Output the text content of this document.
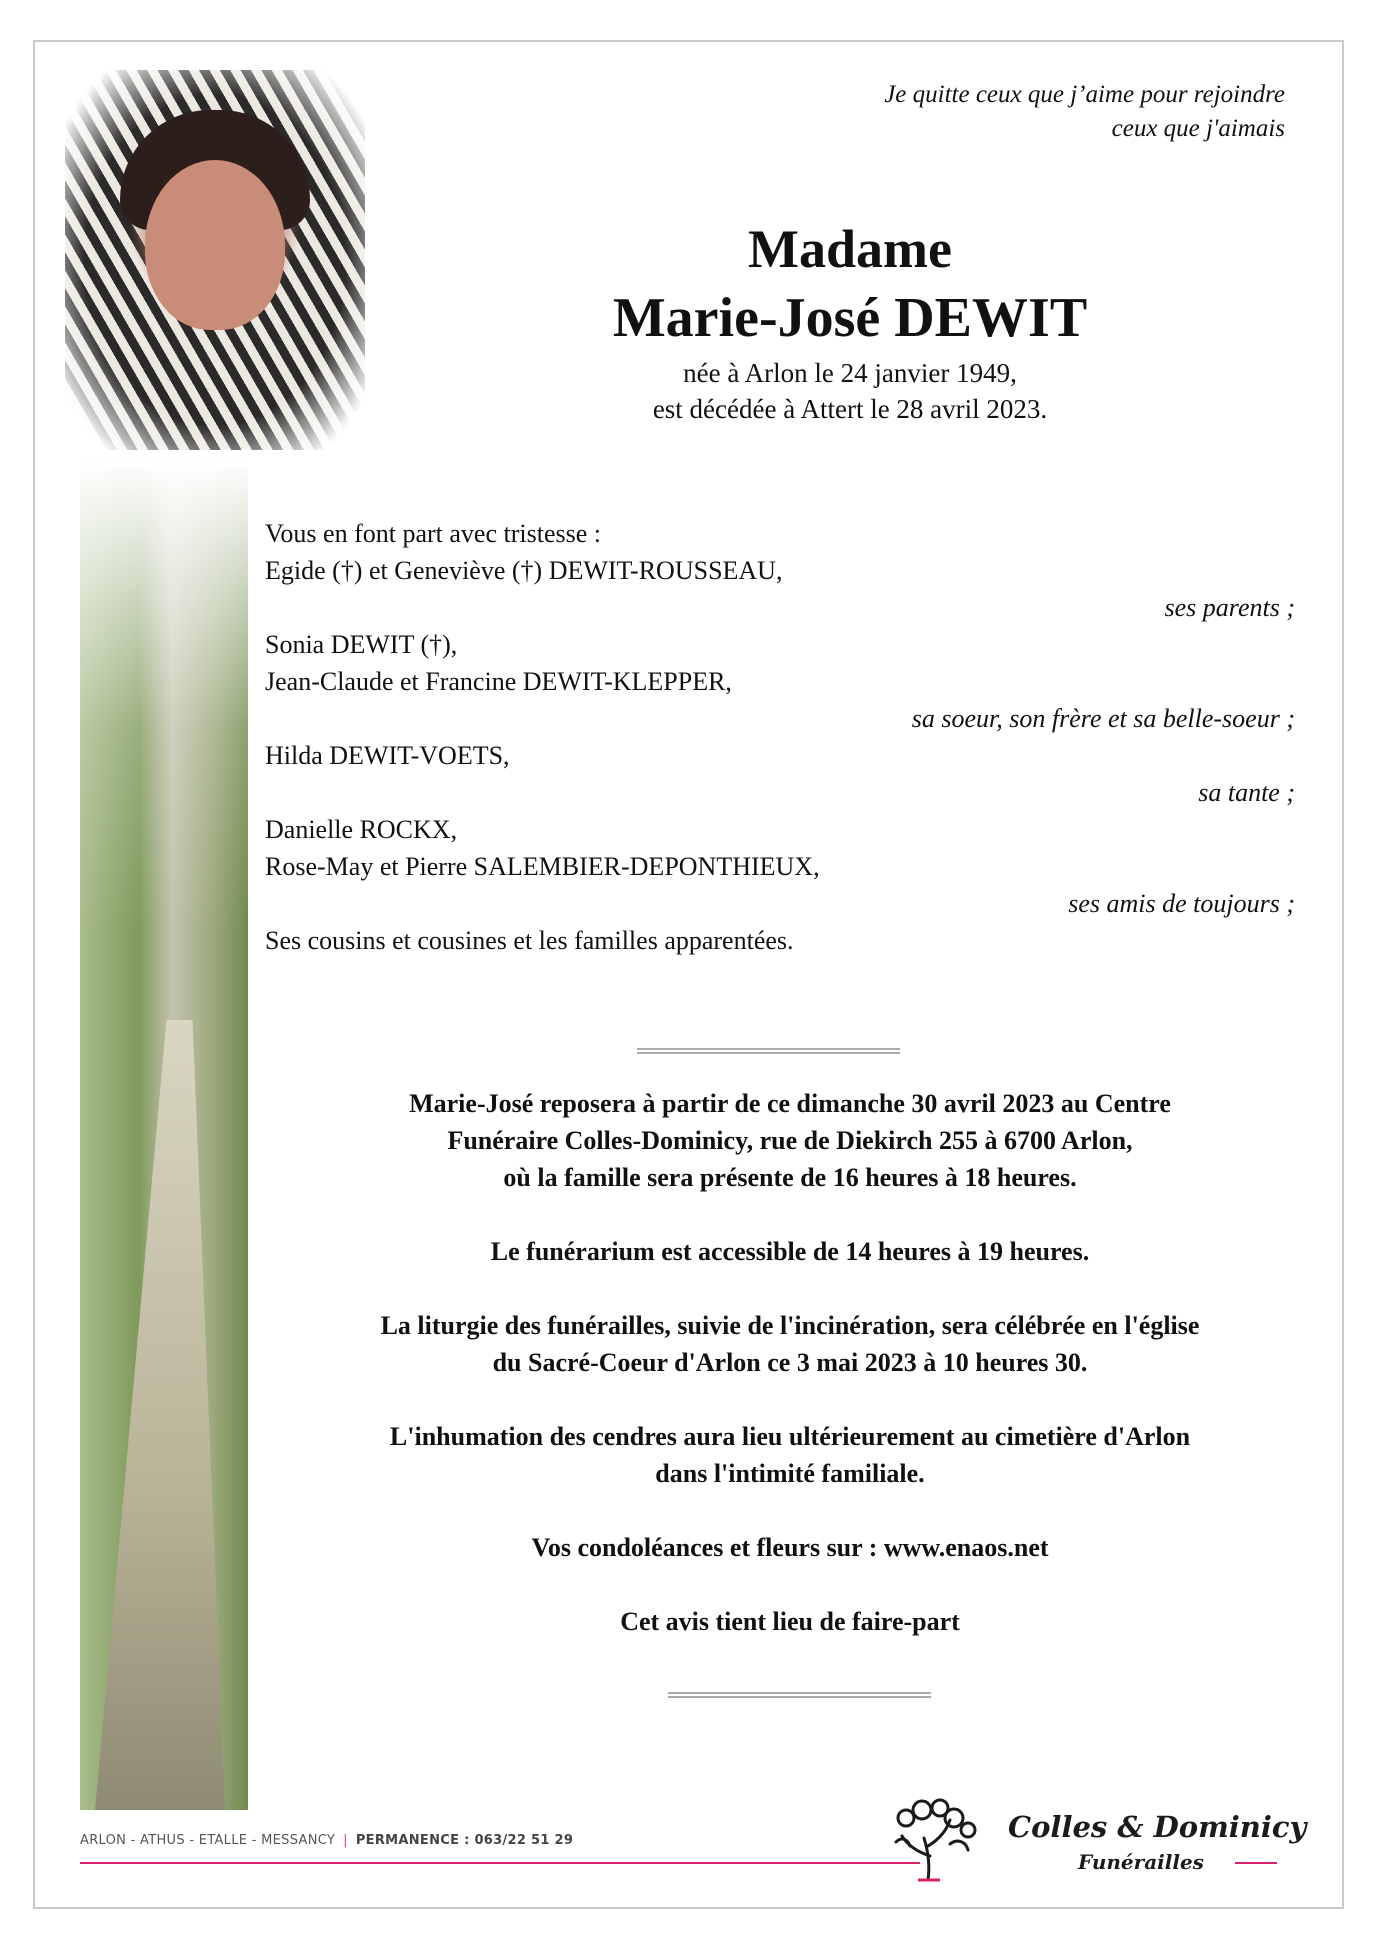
Je quitte ceux que j’aime pour rejoindre
ceux que j'aimais
Madame
Marie-José DEWIT
née à Arlon le 24 janvier 1949,
est décédée à Attert le 28 avril 2023.
Vous en font part avec tristesse :
Egide (†) et Geneviève (†) DEWIT-ROUSSEAU,
ses parents ;
Sonia DEWIT (†),
Jean-Claude et Francine DEWIT-KLEPPER,
sa soeur, son frère et sa belle-soeur ;
Hilda DEWIT-VOETS,
sa tante ;
Danielle ROCKX,
Rose-May et Pierre SALEMBIER-DEPONTHIEUX,
ses amis de toujours ;
Ses cousins et cousines et les familles apparentées.
Marie-José reposera à partir de ce dimanche 30 avril 2023 au Centre
Funéraire Colles-Dominicy, rue de Diekirch 255 à 6700 Arlon,
où la famille sera présente de 16 heures à 18 heures.
Le funérarium est accessible de 14 heures à 19 heures.
La liturgie des funérailles, suivie de l'incinération, sera célébrée en l'église
du Sacré-Coeur d'Arlon ce 3 mai 2023 à 10 heures 30.
L'inhumation des cendres aura lieu ultérieurement au cimetière d'Arlon
dans l'intimité familiale.
Vos condoléances et fleurs sur : www.enaos.net
Cet avis tient lieu de faire-part
ARLON - ATHUS - ETALLE - MESSANCY | PERMANENCE : 063/22 51 29	Colles & Dominicy
Funérailles
